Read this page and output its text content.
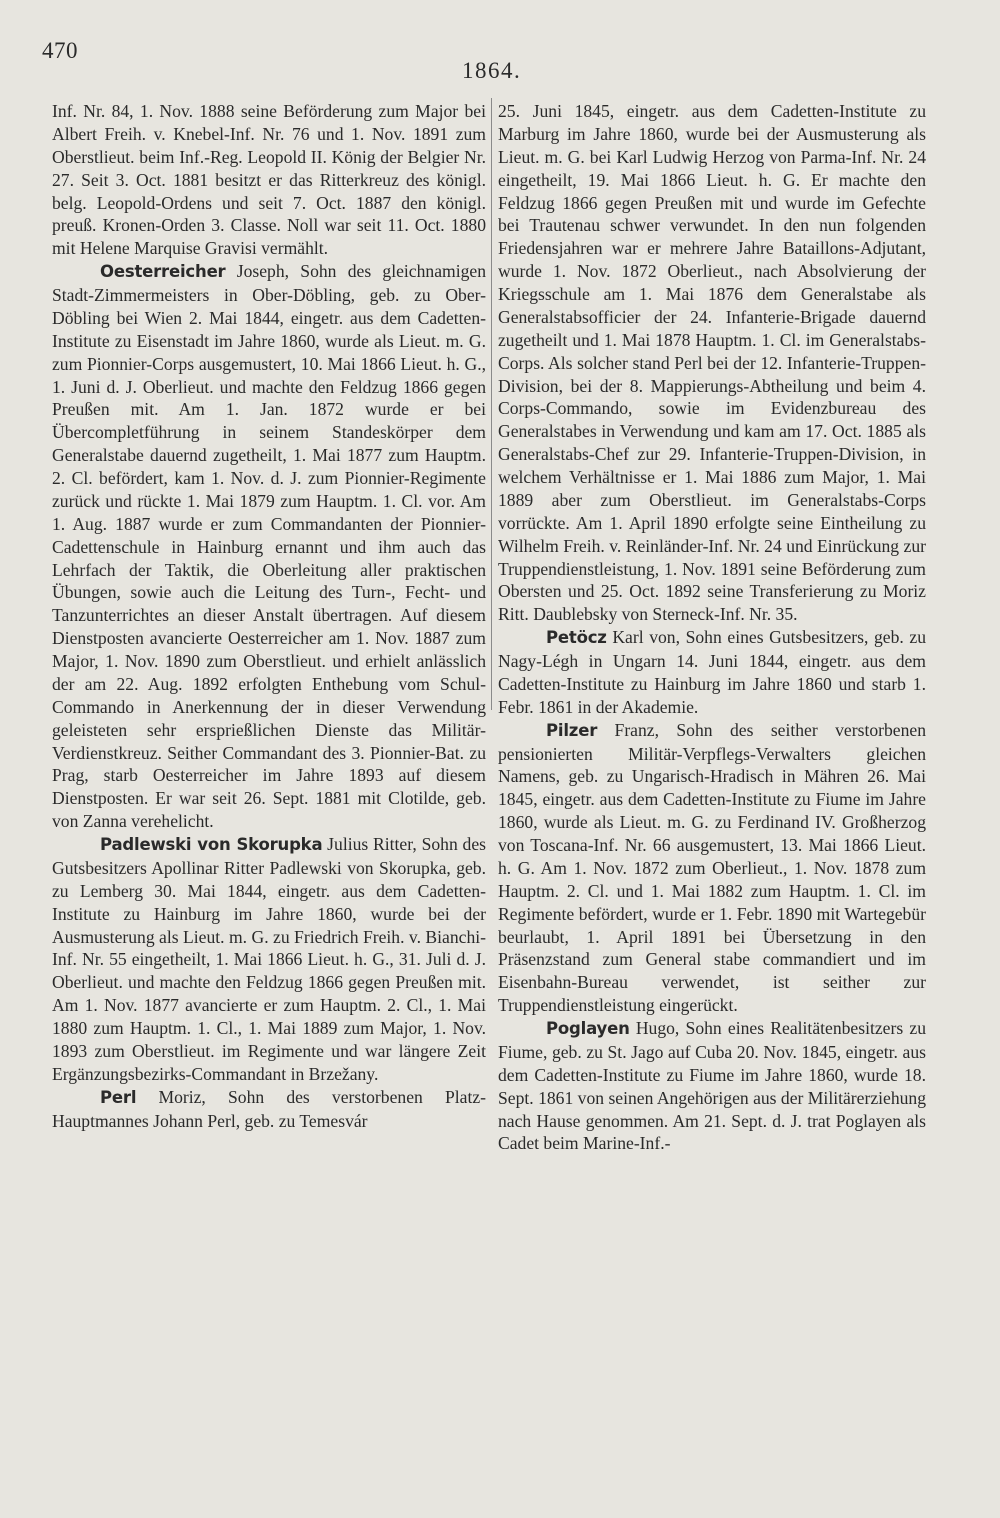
470

1864.

Inf. Nr. 84, 1. Nov. 1888 seine Beförderung zum Major bei Albert Freih. v. Knebel-Inf. Nr. 76 und 1. Nov. 1891 zum Oberstlieut. beim Inf.-Reg. Leopold II. König der Belgier Nr. 27. Seit 3. Oct. 1881 besitzt er das Ritterkreuz des königl. belg. Leopold-Ordens und seit 7. Oct. 1887 den königl. preuß. Kronen-Orden 3. Classe. Noll war seit 11. Oct. 1880 mit Helene Marquise Gravisi vermählt.

Oesterreicher Joseph, Sohn des gleichnamigen Stadt-Zimmermeisters in Ober-Döbling, geb. zu Ober-Döbling bei Wien 2. Mai 1844, eingetr. aus dem Cadetten-Institute zu Eisenstadt im Jahre 1860, wurde als Lieut. m. G. zum Pionnier-Corps ausgemustert, 10. Mai 1866 Lieut. h. G., 1. Juni d. J. Oberlieut. und machte den Feldzug 1866 gegen Preußen mit. Am 1. Jan. 1872 wurde er bei Übercompletführung in seinem Standeskörper dem Generalstabe dauernd zugetheilt, 1. Mai 1877 zum Hauptm. 2. Cl. befördert, kam 1. Nov. d. J. zum Pionnier-Regimente zurück und rückte 1. Mai 1879 zum Hauptm. 1. Cl. vor. Am 1. Aug. 1887 wurde er zum Commandanten der Pionnier-Cadettenschule in Hainburg ernannt und ihm auch das Lehrfach der Taktik, die Oberleitung aller praktischen Übungen, sowie auch die Leitung des Turn-, Fecht- und Tanzunterrichtes an dieser Anstalt übertragen. Auf diesem Dienstposten avancierte Oesterreicher am 1. Nov. 1887 zum Major, 1. Nov. 1890 zum Oberstlieut. und erhielt anlässlich der am 22. Aug. 1892 erfolgten Enthebung vom Schul-Commando in Anerkennung der in dieser Verwendung geleisteten sehr ersprießlichen Dienste das Militär-Verdienstkreuz. Seither Commandant des 3. Pionnier-Bat. zu Prag, starb Oesterreicher im Jahre 1893 auf diesem Dienstposten. Er war seit 26. Sept. 1881 mit Clotilde, geb. von Zanna verehelicht.

Padlewski von Skorupka Julius Ritter, Sohn des Gutsbesitzers Apollinar Ritter Padlewski von Skorupka, geb. zu Lemberg 30. Mai 1844, eingetr. aus dem Cadetten-Institute zu Hainburg im Jahre 1860, wurde bei der Ausmusterung als Lieut. m. G. zu Friedrich Freih. v. Bianchi-Inf. Nr. 55 eingetheilt, 1. Mai 1866 Lieut. h. G., 31. Juli d. J. Oberlieut. und machte den Feldzug 1866 gegen Preußen mit. Am 1. Nov. 1877 avancierte er zum Hauptm. 2. Cl., 1. Mai 1880 zum Hauptm. 1. Cl., 1. Mai 1889 zum Major, 1. Nov. 1893 zum Oberstlieut. im Regimente und war längere Zeit Ergänzungsbezirks-Commandant in Brzežany.

Perl Moriz, Sohn des verstorbenen Platz-Hauptmannes Johann Perl, geb. zu Temesvár

25. Juni 1845, eingetr. aus dem Cadetten-Institute zu Marburg im Jahre 1860, wurde bei der Ausmusterung als Lieut. m. G. bei Karl Ludwig Herzog von Parma-Inf. Nr. 24 eingetheilt, 19. Mai 1866 Lieut. h. G. Er machte den Feldzug 1866 gegen Preußen mit und wurde im Gefechte bei Trautenau schwer verwundet. In den nun folgenden Friedensjahren war er mehrere Jahre Bataillons-Adjutant, wurde 1. Nov. 1872 Oberlieut., nach Absolvierung der Kriegsschule am 1. Mai 1876 dem Generalstabe als Generalstabsofficier der 24. Infanterie-Brigade dauernd zugetheilt und 1. Mai 1878 Hauptm. 1. Cl. im Generalstabs-Corps. Als solcher stand Perl bei der 12. Infanterie-Truppen-Division, bei der 8. Mappierungs-Abtheilung und beim 4. Corps-Commando, sowie im Evidenzbureau des Generalstabes in Verwendung und kam am 17. Oct. 1885 als Generalstabs-Chef zur 29. Infanterie-Truppen-Division, in welchem Verhältnisse er 1. Mai 1886 zum Major, 1. Mai 1889 aber zum Oberstlieut. im Generalstabs-Corps vorrückte. Am 1. April 1890 erfolgte seine Eintheilung zu Wilhelm Freih. v. Reinländer-Inf. Nr. 24 und Einrückung zur Truppendienstleistung, 1. Nov. 1891 seine Beförderung zum Obersten und 25. Oct. 1892 seine Transferierung zu Moriz Ritt. Daublebsky von Sterneck-Inf. Nr. 35.

Petöcz Karl von, Sohn eines Gutsbesitzers, geb. zu Nagy-Légh in Ungarn 14. Juni 1844, eingetr. aus dem Cadetten-Institute zu Hainburg im Jahre 1860 und starb 1. Febr. 1861 in der Akademie.

Pilzer Franz, Sohn des seither verstorbenen pensionierten Militär-Verpflegs-Verwalters gleichen Namens, geb. zu Ungarisch-Hradisch in Mähren 26. Mai 1845, eingetr. aus dem Cadetten-Institute zu Fiume im Jahre 1860, wurde als Lieut. m. G. zu Ferdinand IV. Großherzog von Toscana-Inf. Nr. 66 ausgemustert, 13. Mai 1866 Lieut. h. G. Am 1. Nov. 1872 zum Oberlieut., 1. Nov. 1878 zum Hauptm. 2. Cl. und 1. Mai 1882 zum Hauptm. 1. Cl. im Regimente befördert, wurde er 1. Febr. 1890 mit Wartegebür beurlaubt, 1. April 1891 bei Übersetzung in den Präsenzstand zum General stabe commandiert und im Eisenbahn-Bureau verwendet, ist seither zur Truppendienstleistung eingerückt.

Poglayen Hugo, Sohn eines Realitätenbesitzers zu Fiume, geb. zu St. Jago auf Cuba 20. Nov. 1845, eingetr. aus dem Cadetten-Institute zu Fiume im Jahre 1860, wurde 18. Sept. 1861 von seinen Angehörigen aus der Militärerziehung nach Hause genommen. Am 21. Sept. d. J. trat Poglayen als Cadet beim Marine-Inf.-
